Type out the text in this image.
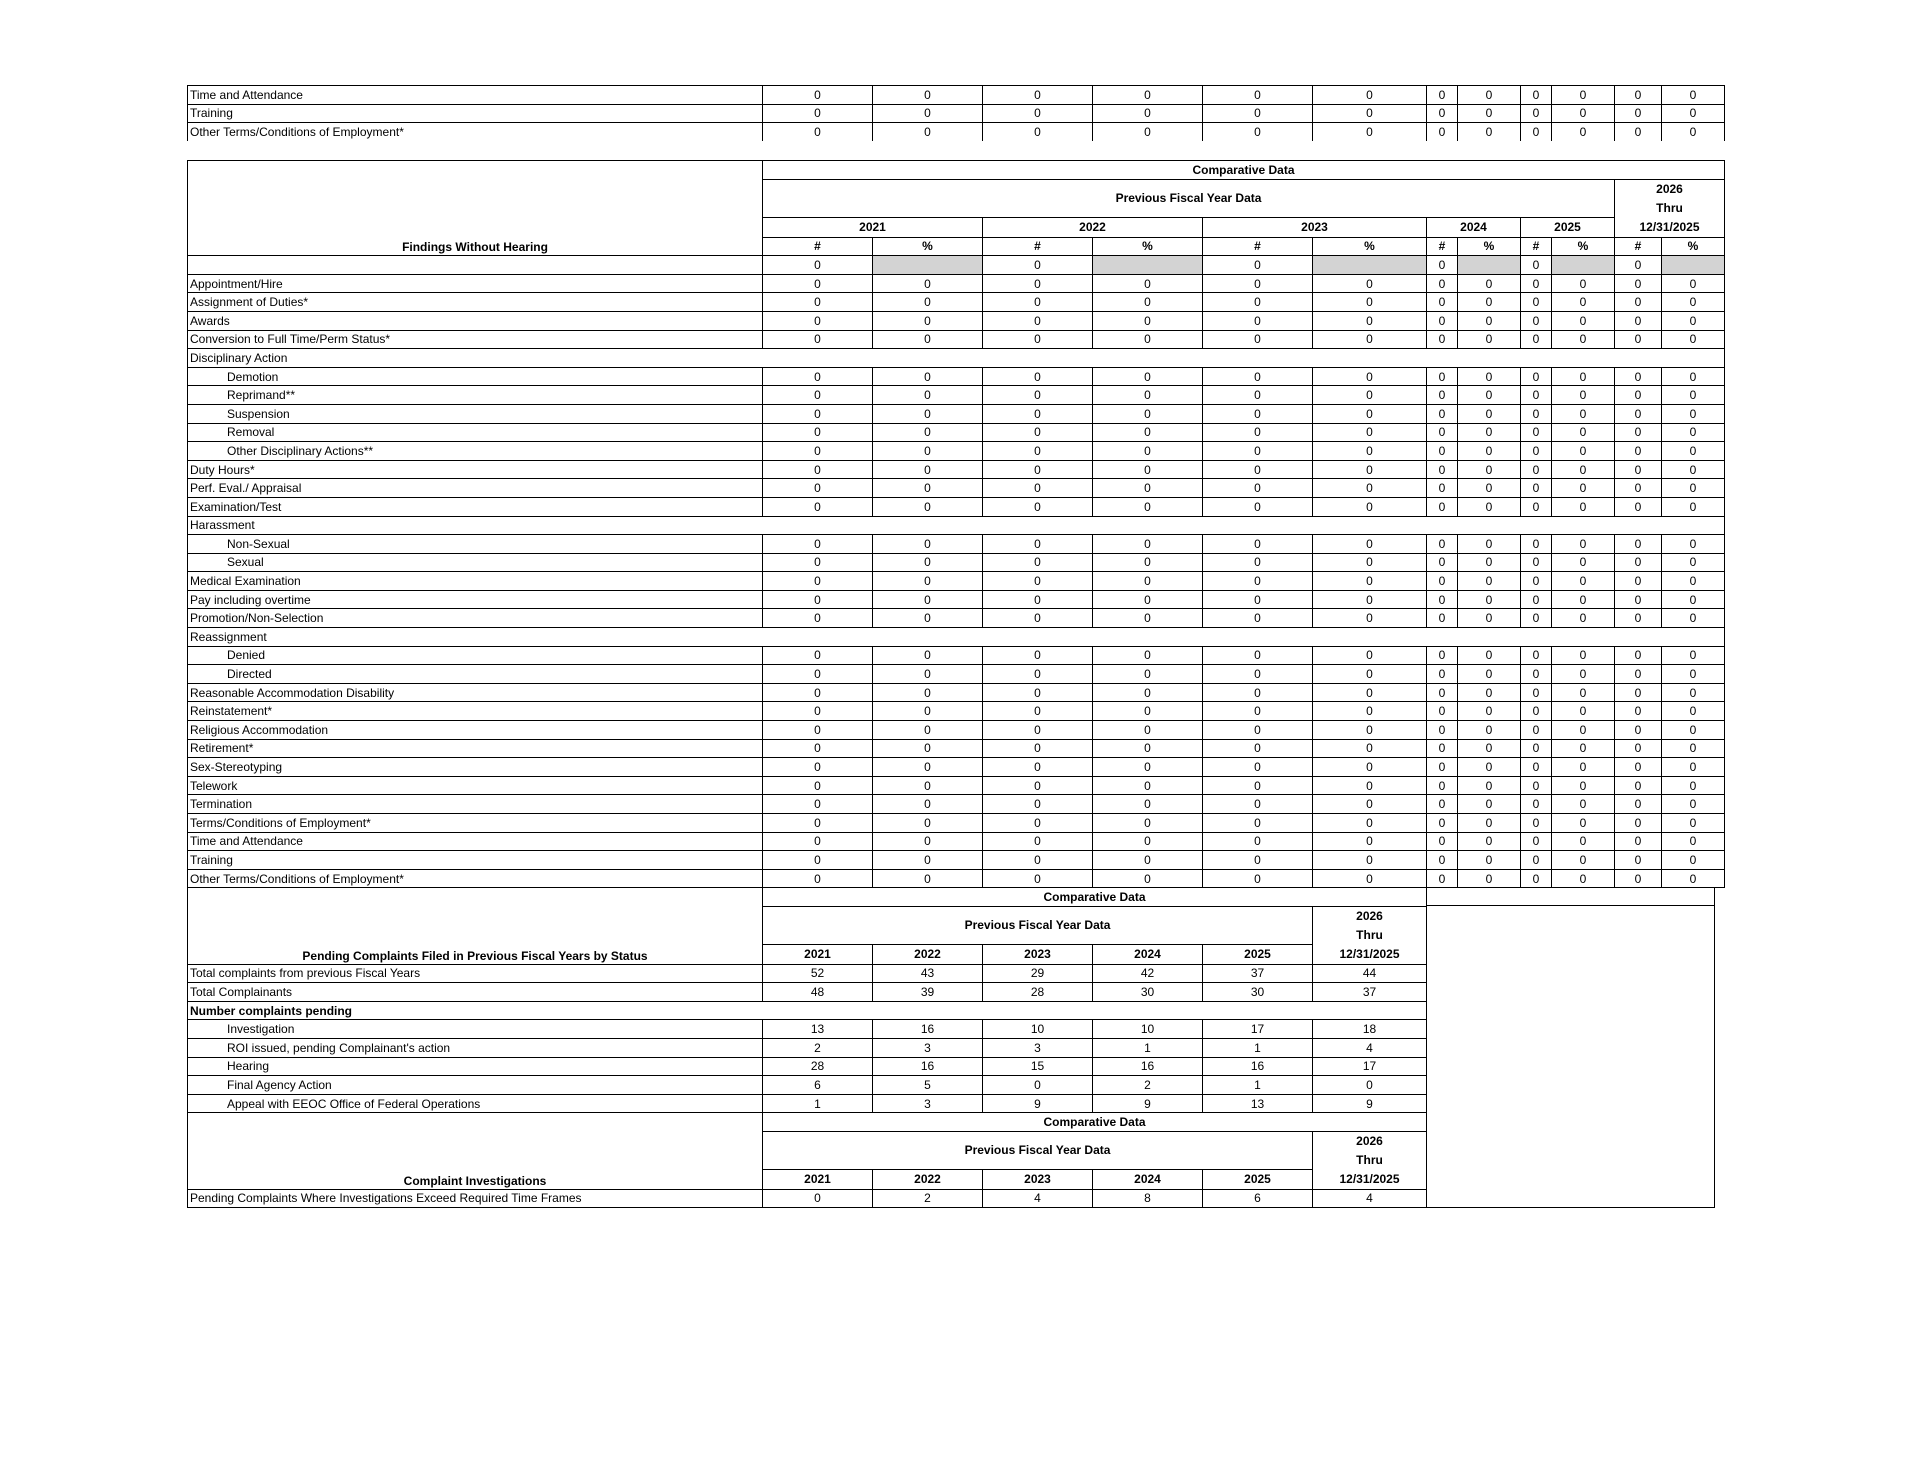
Time and Attendance	0	0	0	0	0	0	0	0	0	0	0	0
Training	0	0	0	0	0	0	0	0	0	0	0	0
Other Terms/Conditions of Employment*	0	0	0	0	0	0	0	0	0	0	0	0
Findings Without Hearing	Comparative Data											
	Previous Fiscal Year Data										2026
Thru
12/31/2025	
	2021		2022		2023		2024		2025			
	#	%	#	%	#	%	#	%	#	%	#	%
	0		0		0		0		0		0	
Appointment/Hire	0	0	0	0	0	0	0	0	0	0	0	0
Assignment of Duties*	0	0	0	0	0	0	0	0	0	0	0	0
Awards	0	0	0	0	0	0	0	0	0	0	0	0
Conversion to Full Time/Perm Status*	0	0	0	0	0	0	0	0	0	0	0	0
Disciplinary Action												
Demotion	0	0	0	0	0	0	0	0	0	0	0	0
Reprimand**	0	0	0	0	0	0	0	0	0	0	0	0
Suspension	0	0	0	0	0	0	0	0	0	0	0	0
Removal	0	0	0	0	0	0	0	0	0	0	0	0
Other Disciplinary Actions**	0	0	0	0	0	0	0	0	0	0	0	0
Duty Hours*	0	0	0	0	0	0	0	0	0	0	0	0
Perf. Eval./ Appraisal	0	0	0	0	0	0	0	0	0	0	0	0
Examination/Test	0	0	0	0	0	0	0	0	0	0	0	0
Harassment												
Non-Sexual	0	0	0	0	0	0	0	0	0	0	0	0
Sexual	0	0	0	0	0	0	0	0	0	0	0	0
Medical Examination	0	0	0	0	0	0	0	0	0	0	0	0
Pay including overtime	0	0	0	0	0	0	0	0	0	0	0	0
Promotion/Non-Selection	0	0	0	0	0	0	0	0	0	0	0	0
Reassignment												
Denied	0	0	0	0	0	0	0	0	0	0	0	0
Directed	0	0	0	0	0	0	0	0	0	0	0	0
Reasonable Accommodation Disability	0	0	0	0	0	0	0	0	0	0	0	0
Reinstatement*	0	0	0	0	0	0	0	0	0	0	0	0
Religious Accommodation	0	0	0	0	0	0	0	0	0	0	0	0
Retirement*	0	0	0	0	0	0	0	0	0	0	0	0
Sex-Stereotyping	0	0	0	0	0	0	0	0	0	0	0	0
Telework	0	0	0	0	0	0	0	0	0	0	0	0
Termination	0	0	0	0	0	0	0	0	0	0	0	0
Terms/Conditions of Employment*	0	0	0	0	0	0	0	0	0	0	0	0
Time and Attendance	0	0	0	0	0	0	0	0	0	0	0	0
Training	0	0	0	0	0	0	0	0	0	0	0	0
Other Terms/Conditions of Employment*	0	0	0	0	0	0	0	0	0	0	0	0
Pending Complaints Filed in Previous Fiscal Years by Status	Comparative Data					
	Previous Fiscal Year Data					2026
Thru
12/31/2025
	2021	2022	2023	2024	2025	
Total complaints from previous Fiscal Years	52	43	29	42	37	44
Total Complainants	48	39	28	30	30	37
Number complaints pending						
Investigation	13	16	10	10	17	18
ROI issued, pending Complainant's action	2	3	3	1	1	4
Hearing	28	16	15	16	16	17
Final Agency Action	6	5	0	2	1	0
Appeal with EEOC Office of Federal Operations	1	3	9	9	13	9
Complaint Investigations	Comparative Data					
	Previous Fiscal Year Data					2026
Thru
12/31/2025
	2021	2022	2023	2024	2025	
Pending Complaints Where Investigations Exceed Required Time Frames	0	2	4	8	6	4
